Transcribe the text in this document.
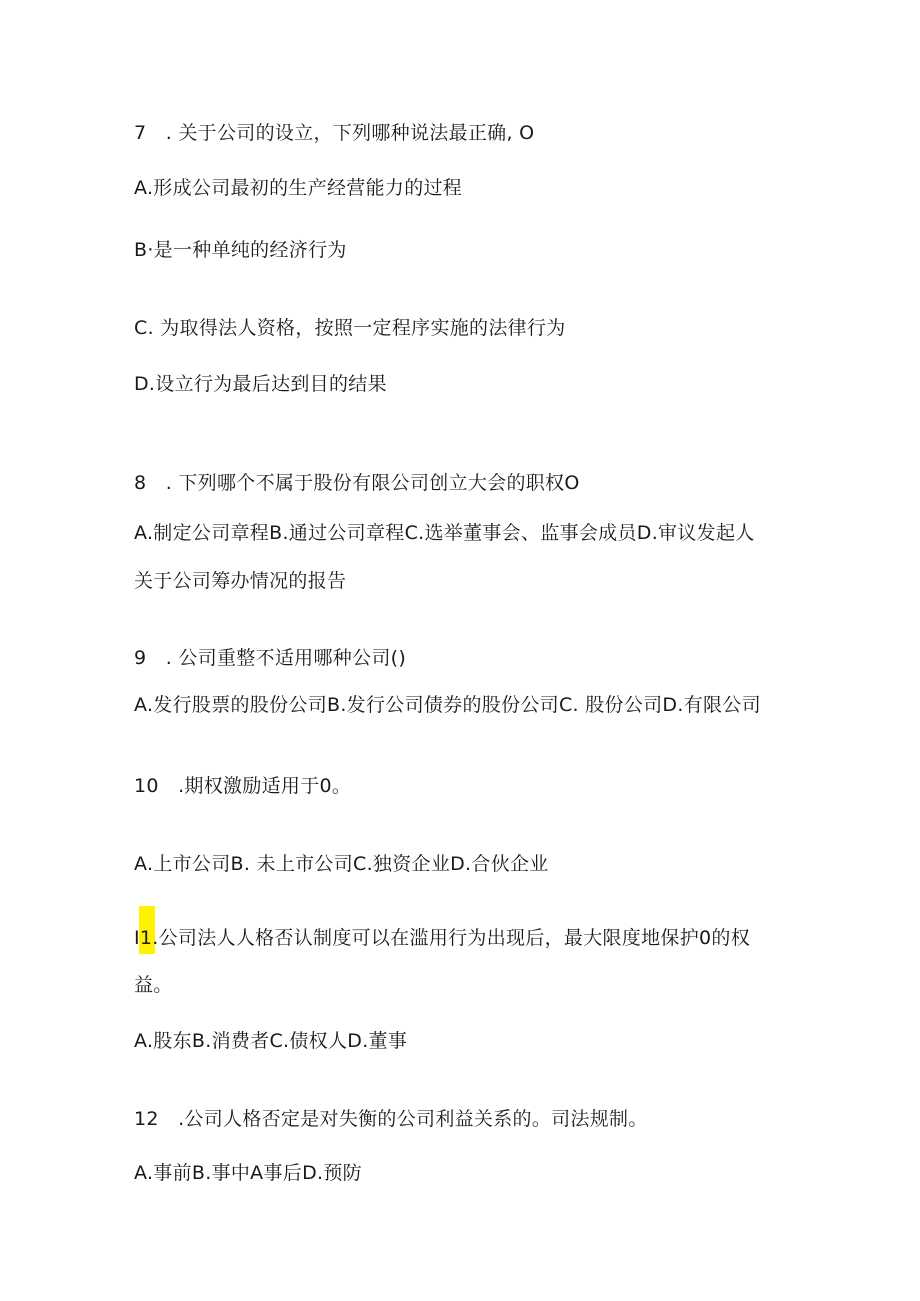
7　. 关于公司的设立，下列哪种说法最正确, O
A.形成公司最初的生产经营能力的过程
B·是一种单纯的经济行为
C. 为取得法人资格，按照一定程序实施的法律行为
D.设立行为最后达到目的结果
8　. 下列哪个不属于股份有限公司创立大会的职权O
A.制定公司章程B.通过公司章程C.选举董事会、监事会成员D.审议发起人
关于公司筹办情况的报告
9　. 公司重整不适用哪种公司()
A.发行股票的股份公司B.发行公司债券的股份公司C. 股份公司D.有限公司
10　.期权激励适用于0。
A.上市公司B. 未上市公司C.独资企业D.合伙企业
I1.公司法人人格否认制度可以在滥用行为出现后，最大限度地保护0的权
益。
A.股东B.消费者C.债权人D.董事
12　.公司人格否定是对失衡的公司利益关系的。司法规制。
A.事前B.事中A事后D.预防
